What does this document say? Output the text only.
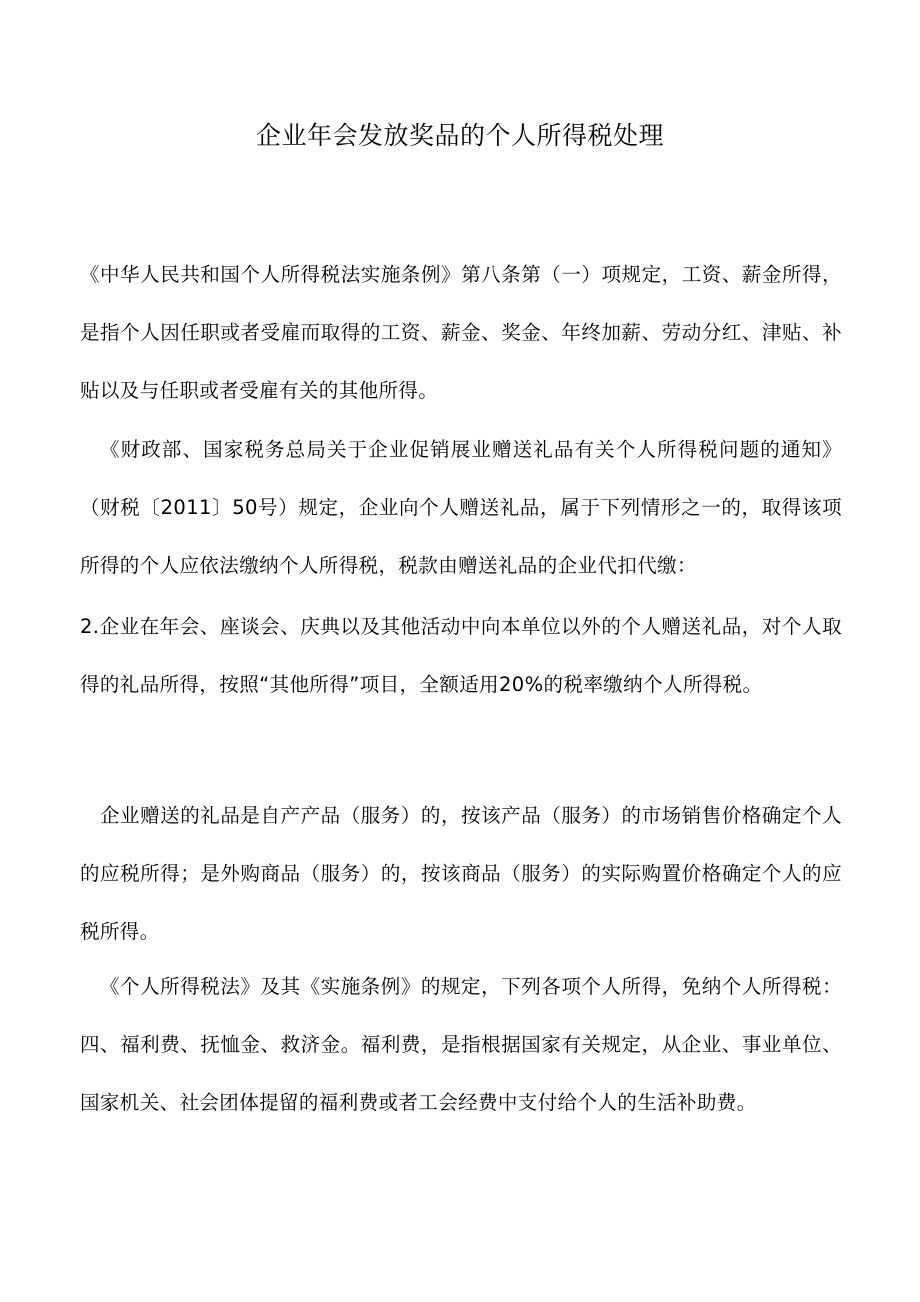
企业年会发放奖品的个人所得税处理

《中华人民共和国个人所得税法实施条例》第八条第（一）项规定，工资、薪金所得，是指个人因任职或者受雇而取得的工资、薪金、奖金、年终加薪、劳动分红、津贴、补贴以及与任职或者受雇有关的其他所得。

《财政部、国家税务总局关于企业促销展业赠送礼品有关个人所得税问题的通知》（财税〔2011〕50号）规定，企业向个人赠送礼品，属于下列情形之一的，取得该项所得的个人应依法缴纳个人所得税，税款由赠送礼品的企业代扣代缴：

2.企业在年会、座谈会、庆典以及其他活动中向本单位以外的个人赠送礼品，对个人取得的礼品所得，按照“其他所得”项目，全额适用20%的税率缴纳个人所得税。

企业赠送的礼品是自产产品（服务）的，按该产品（服务）的市场销售价格确定个人的应税所得；是外购商品（服务）的，按该商品（服务）的实际购置价格确定个人的应税所得。

《个人所得税法》及其《实施条例》的规定，下列各项个人所得，免纳个人所得税：四、福利费、抚恤金、救济金。福利费，是指根据国家有关规定，从企业、事业单位、国家机关、社会团体提留的福利费或者工会经费中支付给个人的生活补助费。
